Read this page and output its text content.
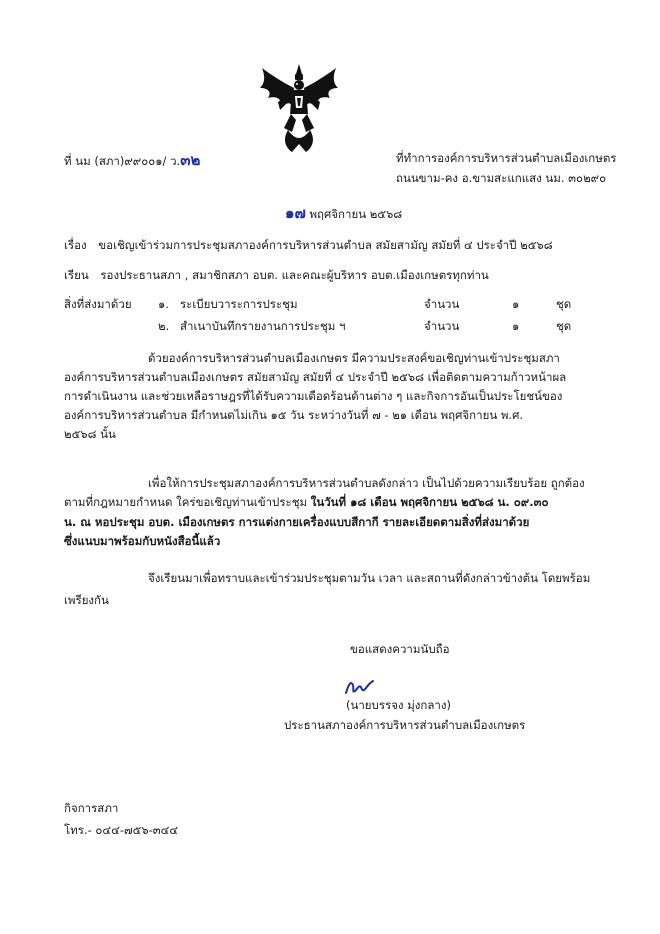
ที่ นม (สภา)๙๙๐๐๑/ ว.๓๒	ที่ทำการองค์การบริหารส่วนตำบลเมืองเกษตร
ถนนขาม-คง อ.ขามสะแกแสง นม. ๓๐๒๙๐
๑๗ พฤศจิกายน ๒๕๖๘
เรื่อง ขอเชิญเข้าร่วมการประชุมสภาองค์การบริหารส่วนตำบล สมัยสามัญ สมัยที่ ๔ ประจำปี ๒๕๖๘
เรียน รองประธานสภา , สมาชิกสภา อบต. และคณะผู้บริหาร อบต.เมืองเกษตรทุกท่าน
สิ่งที่ส่งมาด้วย ๑. ระเบียบวาระการประชุม	จำนวน	๑	ชุด
๒. สำเนาบันทึกรายงานการประชุม ฯ	จำนวน	๑	ชุด
ด้วยองค์การบริหารส่วนตำบลเมืองเกษตร มีความประสงค์ขอเชิญท่านเข้าประชุมสภา
องค์การบริหารส่วนตำบลเมืองเกษตร สมัยสามัญ สมัยที่ ๔ ประจำปี ๒๕๖๘ เพื่อติดตามความก้าวหน้าผล
การดำเนินงาน และช่วยเหลือราษฎรที่ได้รับความเดือดร้อนด้านต่าง ๆ และกิจการอันเป็นประโยชน์ของ
องค์การบริหารส่วนตำบล มีกำหนดไม่เกิน ๑๕ วัน ระหว่างวันที่ ๗ - ๒๑ เดือน พฤศจิกายน พ.ศ.
๒๕๖๘ นั้น
เพื่อให้การประชุมสภาองค์การบริหารส่วนตำบลดังกล่าว เป็นไปด้วยความเรียบร้อย ถูกต้อง
ตามที่กฎหมายกำหนด ใคร่ขอเชิญท่านเข้าประชุม ในวันที่ ๑๘ เดือน พฤศจิกายน ๒๕๖๘ น. ๐๙.๓๐
น. ณ หอประชุม อบต. เมืองเกษตร การแต่งกายเครื่องแบบสีกากี รายละเอียดตามสิ่งที่ส่งมาด้วย
ซึ่งแนบมาพร้อมกับหนังสือนี้แล้ว
จึงเรียนมาเพื่อทราบและเข้าร่วมประชุมตามวัน เวลา และสถานที่ดังกล่าวข้างต้น โดยพร้อม
เพรียงกัน
ขอแสดงความนับถือ
(นายบรรจง มุ่งกลาง)
ประธานสภาองค์การบริหารส่วนตำบลเมืองเกษตร
กิจการสภา
โทร.- ๐๔๔-๗๕๖-๓๔๔
